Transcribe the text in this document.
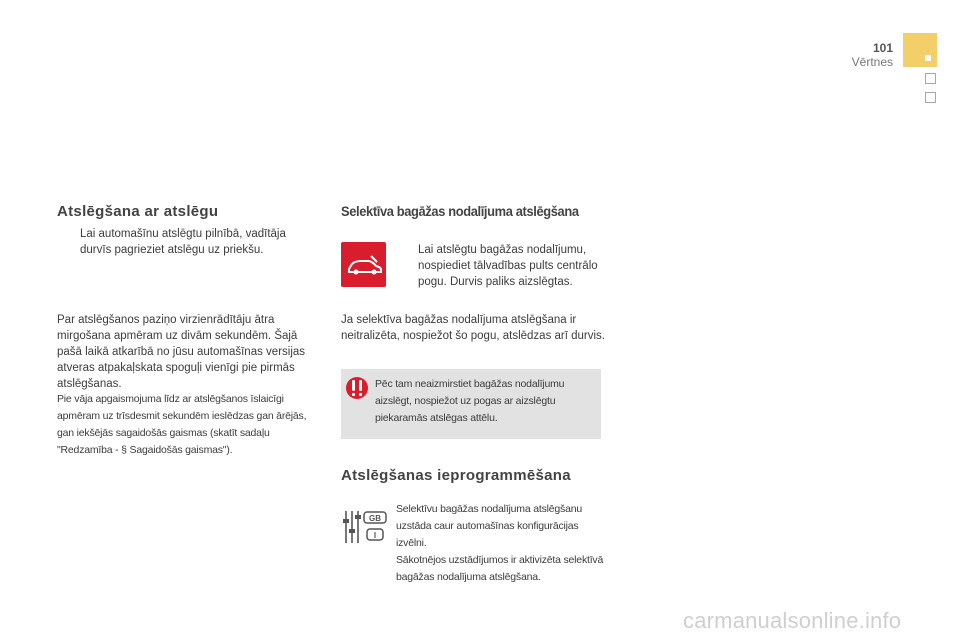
101
Vērtnes
Atslēgšana ar atslēgu
Lai automašīnu atslēgtu pilnībā, vadītāja durvīs pagrieziet atslēgu uz priekšu.
Par atslēgšanos paziņo virzienrādītāju ātra mirgošana apmēram uz divām sekundēm. Šajā pašā laikā atkarībā no jūsu automašīnas versijas atveras atpakaļskata spoguļi vienīgi pie pirmās atslēgšanas.
Pie vāja apgaismojuma līdz ar atslēgšanos īslaicīgi apmēram uz trīsdesmit sekundēm ieslēdzas gan ārējās, gan iekšējās sagaidošās gaismas (skatīt sadaļu "Redzamība - § Sagaidošās gaismas").
Selektīva bagāžas nodalījuma atslēgšana
Lai atslēgtu bagāžas nodalījumu, nospiediet tālvadības pults centrālo pogu. Durvis paliks aizslēgtas.
Ja selektīva bagāžas nodalījuma atslēgšana ir neitralizēta, nospiežot šo pogu, atslēdzas arī durvis.
Pēc tam neaizmirstiet bagāžas nodalījumu aizslēgt, nospiežot uz pogas ar aizslēgtu piekaramās atslēgas attēlu.
Atslēgšanas ieprogrammēšana
GB
I
Selektīvu bagāžas nodalījuma atslēgšanu uzstāda caur automašīnas konfigurācijas izvēlni.
Sākotnējos uzstādījumos ir aktivizēta selektīvā bagāžas nodalījuma atslēgšana.
carmanualsonline.info
